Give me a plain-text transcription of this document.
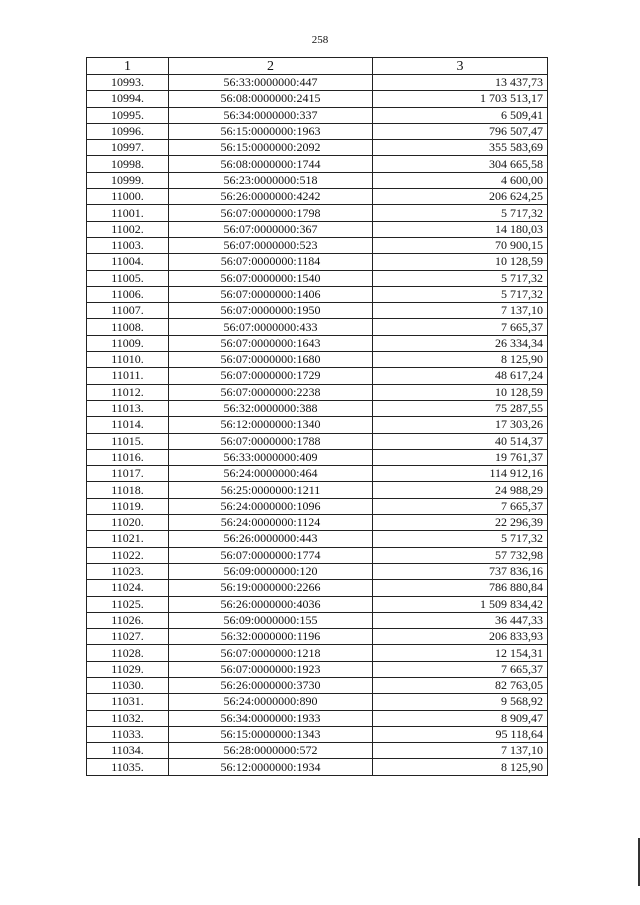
258
1	2	3
10993.	56:33:0000000:447	13 437,73
10994.	56:08:0000000:2415	1 703 513,17
10995.	56:34:0000000:337	6 509,41
10996.	56:15:0000000:1963	796 507,47
10997.	56:15:0000000:2092	355 583,69
10998.	56:08:0000000:1744	304 665,58
10999.	56:23:0000000:518	4 600,00
11000.	56:26:0000000:4242	206 624,25
11001.	56:07:0000000:1798	5 717,32
11002.	56:07:0000000:367	14 180,03
11003.	56:07:0000000:523	70 900,15
11004.	56:07:0000000:1184	10 128,59
11005.	56:07:0000000:1540	5 717,32
11006.	56:07:0000000:1406	5 717,32
11007.	56:07:0000000:1950	7 137,10
11008.	56:07:0000000:433	7 665,37
11009.	56:07:0000000:1643	26 334,34
11010.	56:07:0000000:1680	8 125,90
11011.	56:07:0000000:1729	48 617,24
11012.	56:07:0000000:2238	10 128,59
11013.	56:32:0000000:388	75 287,55
11014.	56:12:0000000:1340	17 303,26
11015.	56:07:0000000:1788	40 514,37
11016.	56:33:0000000:409	19 761,37
11017.	56:24:0000000:464	114 912,16
11018.	56:25:0000000:1211	24 988,29
11019.	56:24:0000000:1096	7 665,37
11020.	56:24:0000000:1124	22 296,39
11021.	56:26:0000000:443	5 717,32
11022.	56:07:0000000:1774	57 732,98
11023.	56:09:0000000:120	737 836,16
11024.	56:19:0000000:2266	786 880,84
11025.	56:26:0000000:4036	1 509 834,42
11026.	56:09:0000000:155	36 447,33
11027.	56:32:0000000:1196	206 833,93
11028.	56:07:0000000:1218	12 154,31
11029.	56:07:0000000:1923	7 665,37
11030.	56:26:0000000:3730	82 763,05
11031.	56:24:0000000:890	9 568,92
11032.	56:34:0000000:1933	8 909,47
11033.	56:15:0000000:1343	95 118,64
11034.	56:28:0000000:572	7 137,10
11035.	56:12:0000000:1934	8 125,90
